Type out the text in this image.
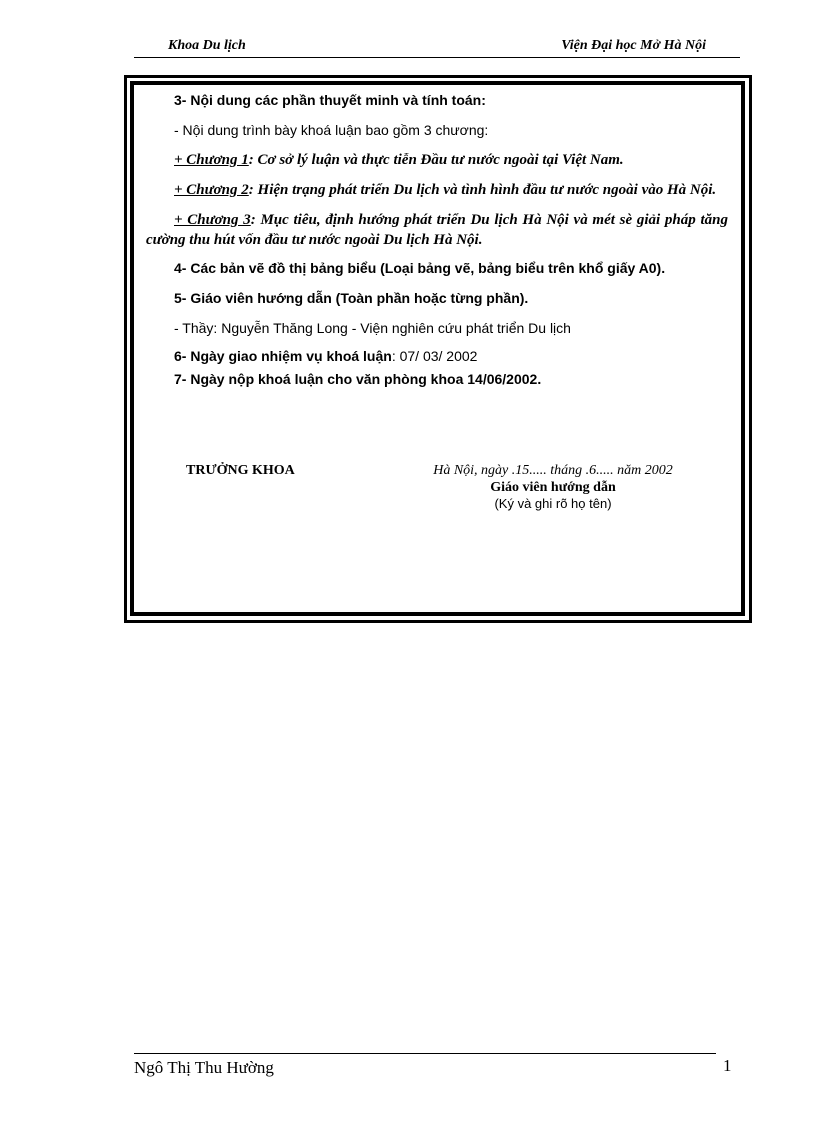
Khoa Du lịch	Viện Đại học Mở Hà Nội

3- Nội dung các phần thuyết minh và tính toán:

- Nội dung trình bày khoá luận bao gồm 3 chương:

+ Chương 1: Cơ sở lý luận và thực tiễn Đầu tư nước ngoài tại Việt Nam.

+ Chương 2: Hiện trạng phát triển Du lịch và tình hình đầu tư nước ngoài vào Hà Nội.

+ Chương 3: Mục tiêu, định hướng phát triển Du lịch Hà Nội và mét sè giải pháp tăng cường thu hút vốn đầu tư nước ngoài Du lịch Hà Nội.

4- Các bản vẽ đồ thị bảng biểu (Loại bảng vẽ, bảng biểu trên khổ giấy A0).

5- Giáo viên hướng dẫn (Toàn phần hoặc từng phần).

- Thầy: Nguyễn Thăng Long - Viện nghiên cứu phát triển Du lịch

6- Ngày giao nhiệm vụ khoá luận: 07/ 03/ 2002

7- Ngày nộp khoá luận cho văn phòng khoa 14/06/2002.

TRƯỞNG KHOA	Hà Nội, ngày .15..... tháng .6..... năm 2002
Giáo viên hướng dẫn
(Ký và ghi rõ họ tên)
Ngô Thị Thu Hường	1
